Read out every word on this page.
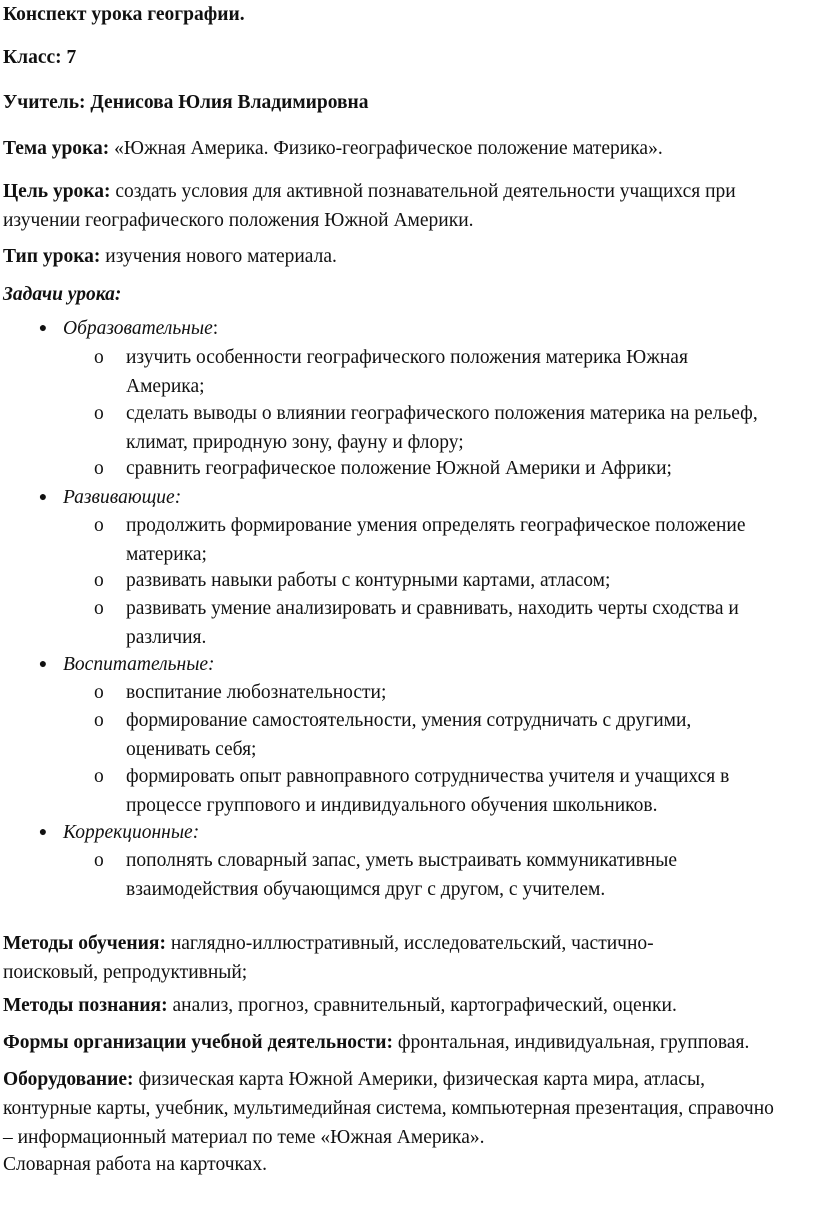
Конспект урока географии.

Класс: 7

Учитель: Денисова Юлия Владимировна

Тема урока: «Южная Америка. Физико-географическое положение материка».

Цель урока: создать условия для активной познавательной деятельности учащихся при изучении географического положения Южной Америки.

Тип урока: изучения нового материала.

Задачи урока:

● Образовательные:
o	изучить особенности географического положения материка Южная Америка;
o	сделать выводы о влиянии географического положения материка на рельеф, климат, природную зону, фауну и флору;
o	сравнить географическое положение Южной Америки и Африки;
● Развивающие:
o	продолжить формирование умения определять географическое положение материка;
o	развивать навыки работы с контурными картами, атласом;
o	развивать умение анализировать и сравнивать, находить черты сходства и различия.
● Воспитательные:
o	воспитание любознательности;
o	формирование самостоятельности, умения сотрудничать с другими, оценивать себя;
o	формировать опыт равноправного сотрудничества учителя и учащихся в процессе группового и индивидуального обучения школьников.
● Коррекционные:
o	пополнять словарный запас, уметь выстраивать коммуникативные взаимодействия обучающимся друг с другом, с учителем.

Методы обучения: наглядно-иллюстративный, исследовательский, частично-поисковый, репродуктивный;

Методы познания: анализ, прогноз, сравнительный, картографический, оценки.

Формы организации учебной деятельности: фронтальная, индивидуальная, групповая.

Оборудование: физическая карта Южной Америки, физическая карта мира, атласы, контурные карты, учебник, мультимедийная система, компьютерная презентация, справочно – информационный материал по теме «Южная Америка».

Словарная работа на карточках.
